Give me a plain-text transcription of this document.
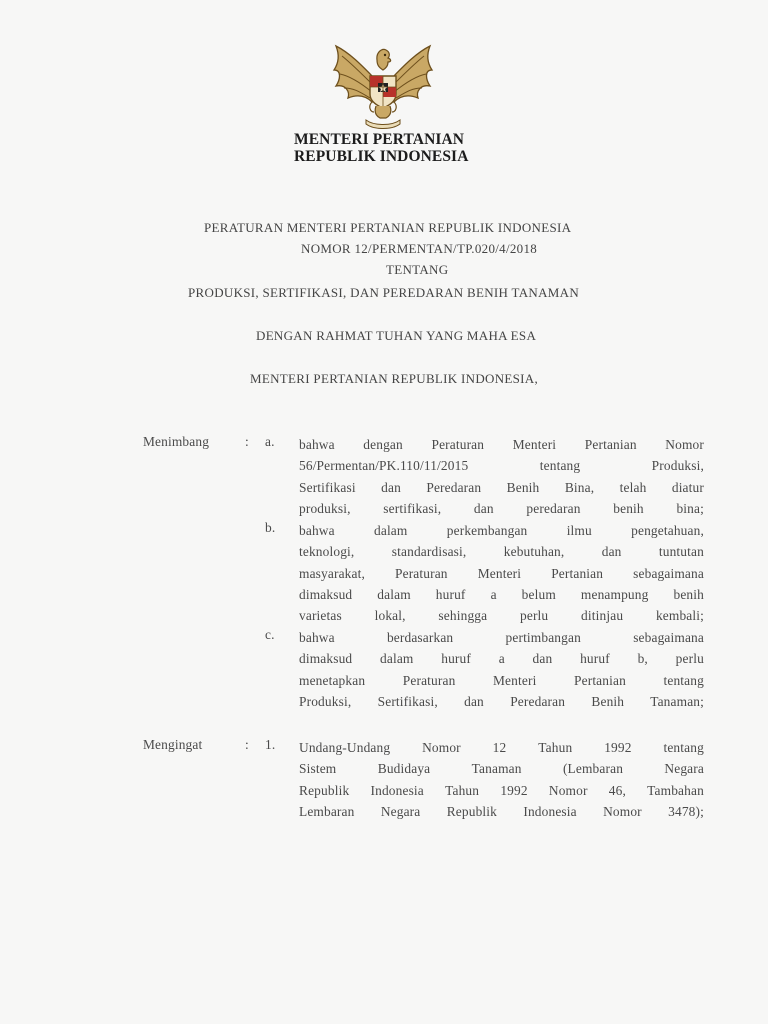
MENTERI PERTANIAN
REPUBLIK INDONESIA
PERATURAN MENTERI PERTANIAN REPUBLIK INDONESIA
NOMOR 12/PERMENTAN/TP.020/4/2018
TENTANG
PRODUKSI, SERTIFIKASI, DAN PEREDARAN BENIH TANAMAN
DENGAN RAHMAT TUHAN YANG MAHA ESA
MENTERI PERTANIAN REPUBLIK INDONESIA,
Menimbang	: a. bahwa dengan Peraturan Menteri Pertanian Nomor
56/Permentan/PK.110/11/2015	tentang	Produksi,
Sertifikasi dan Peredaran Benih Bina, telah diatur
produksi, sertifikasi, dan peredaran benih bina;
b. bahwa	dalam	perkembangan	ilmu	pengetahuan,
teknologi,	standardisasi,	kebutuhan,	dan	tuntutan
masyarakat, Peraturan Menteri Pertanian sebagaimana
dimaksud dalam huruf a belum menampung benih
varietas lokal, sehingga perlu ditinjau kembali;
c. bahwa	berdasarkan	pertimbangan	sebagaimana
dimaksud dalam huruf a dan huruf b, perlu
menetapkan	Peraturan	Menteri	Pertanian	tentang
Produksi, Sertifikasi, dan Peredaran Benih Tanaman;
Mengingat	: 1. Undang-Undang Nomor 12 Tahun 1992 tentang
Sistem	Budidaya	Tanaman	(Lembaran	Negara
Republik Indonesia Tahun 1992 Nomor 46, Tambahan
Lembaran Negara Republik Indonesia Nomor 3478);
